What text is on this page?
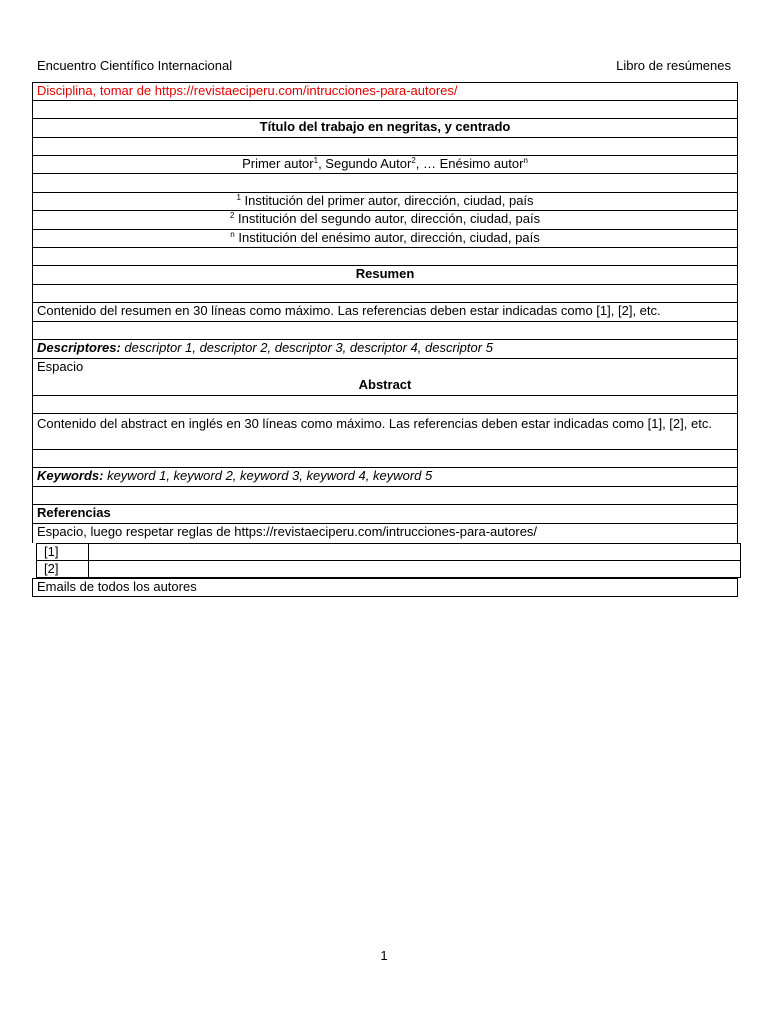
Encuentro Científico Internacional	Libro de resúmenes
Disciplina, tomar de https://revistaeciperu.com/intrucciones-para-autores/
Título del trabajo en negritas, y centrado
Primer autor$^1$, Segundo Autor$^2$, … Enésimo autor$^n$
$^1$ Institución del primer autor, dirección, ciudad, país
$^2$ Institución del segundo autor, dirección, ciudad, país
$^n$ Institución del enésimo autor, dirección, ciudad, país
Resumen
Contenido del resumen en 30 líneas como máximo. Las referencias deben estar indicadas como [1], [2], etc.
Descriptores: descriptor 1, descriptor 2, descriptor 3, descriptor 4, descriptor 5
Espacio
Abstract
Contenido del abstract en inglés en 30 líneas como máximo. Las referencias deben estar indicadas como [1], [2], etc.
Keywords: keyword 1, keyword 2, keyword 3, keyword 4, keyword 5
Referencias
Espacio, luego respetar reglas de https://revistaeciperu.com/intrucciones-para-autores/
[1]
[2]
Emails de todos los autores
1
